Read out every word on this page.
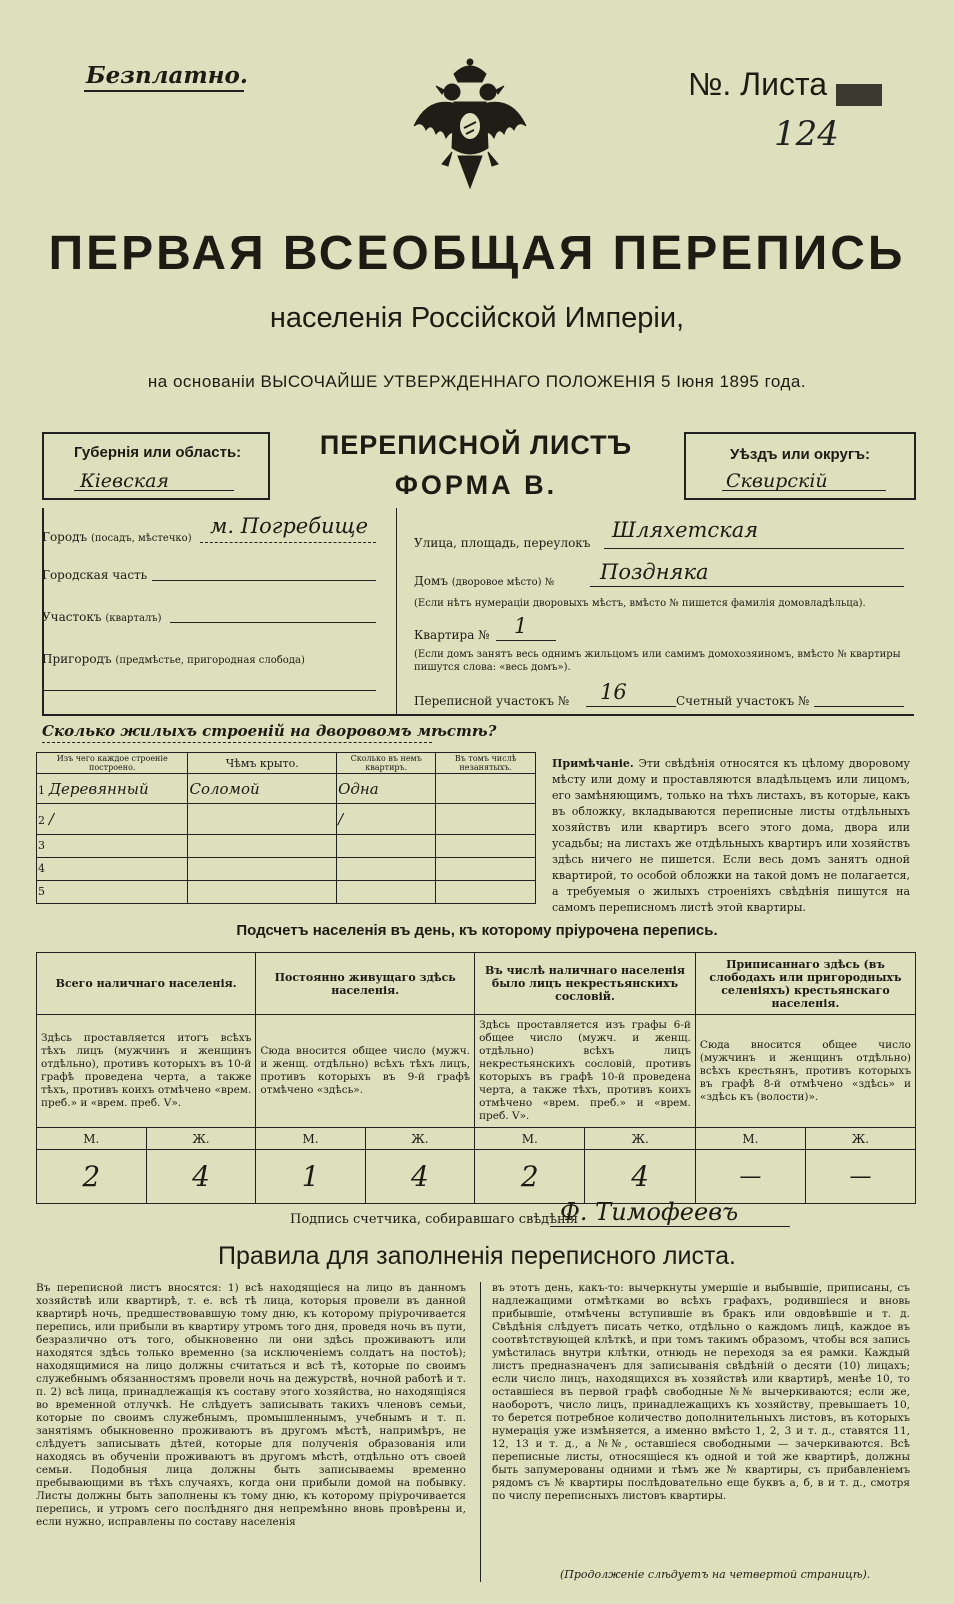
Безплатно.	№. Листа
124
ПЕРВАЯ ВСЕОБЩАЯ ПЕРЕПИСЬ
населенія Россійской Имперіи,
на основаніи ВЫСОЧАЙШЕ УТВЕРЖДЕННАГО ПОЛОЖЕНІЯ 5 Іюня 1895 года.
Губернія или область:
Кіевская
ПЕРЕПИСНОЙ ЛИСТЪ
ФОРМА В.
Уѣздъ или округъ:
Сквирскій
Городъ (посадъ, мѣстечко)
м. Погребище
Городская часть
Участокъ (кварталъ)
Пригородъ (предмѣстье, пригородная слобода)
Улица, площадь, переулокъ
Шляхетская
Домъ (дворовое мѣсто) № Поздняка
(Если нѣтъ нумераціи дворовыхъ мѣстъ, вмѣсто № пишется фамилія домовладѣльца).
Квартира № 1
(Если домъ занятъ весь однимъ жильцомъ или самимъ домохозяиномъ, вмѣсто № квартиры пишутся слова: «весь домъ»).
Переписной участокъ № 16	Счетный участокъ №
Сколько жилыхъ строеній на дворовомъ мѣстѣ?
Изъ чего каждое строеніе построено.	Чѣмъ крыто.	Сколько въ немъ квартиръ.	Въ томъ числѣ незанятыхъ.
1 Деревянный	Соломой	Одна	
2 /		/	
3			
4			
5			
Примѣчаніе. Эти свѣдѣнія относятся къ цѣлому дворовому мѣсту или дому и проставляются владѣльцемъ или лицомъ, его замѣняющимъ, только на тѣхъ листахъ, въ которые, какъ въ обложку, вкладываются переписные листы отдѣльныхъ хозяйствъ или квартиръ всего этого дома, двора или усадьбы; на листахъ же отдѣльныхъ квартиръ или хозяйствъ здѣсь ничего не пишется. Если весь домъ занятъ одной квартирой, то особой обложки на такой домъ не полагается, а требуемыя о жилыхъ строеніяхъ свѣдѣнія пишутся на самомъ переписномъ листѣ этой квартиры.
Подсчетъ населенія въ день, къ которому пріурочена перепись.
Всего наличнаго населенія.		Постоянно живущаго здѣсь населенія.		Въ числѣ наличнаго населенія было лицъ некрестьянскихъ сословій.		Приписаннаго здѣсь (въ слободахъ или пригородныхъ селеніяхъ) крестьянскаго населенія.	
Здѣсь проставляется итогъ всѣхъ тѣхъ лицъ (мужчинъ и женщинъ отдѣльно), противъ которыхъ въ 10-й графѣ проведена черта, а также тѣхъ, противъ коихъ отмѣчено «врем. преб.» и «врем. преб. V».		Сюда вносится общее число (мужч. и женщ. отдѣльно) всѣхъ тѣхъ лицъ, противъ которыхъ въ 9-й графѣ отмѣчено «здѣсь».		Здѣсь проставляется изъ графы 6-й общее число (мужч. и женщ. отдѣльно) всѣхъ лицъ некрестьянскихъ сословій, противъ которыхъ въ графѣ 10-й проведена черта, а также тѣхъ, противъ коихъ отмѣчено «врем. преб.» и «врем. преб. V».		Сюда вносится общее число (мужчинъ и женщинъ отдѣльно) всѣхъ крестьянъ, противъ которыхъ въ графѣ 8-й отмѣчено «здѣсь» и «здѣсь къ (волости)».	
М.	Ж.	М.	Ж.	М.	Ж.	М.	Ж.
2	4	1	4	2	4	—	—
Подпись счетчика, собиравшаго свѣдѣнія
Ф. Тимофеевъ
Правила для заполненія переписного листа.
Въ переписной листъ вносятся: 1) всѣ находящіеся на лицо въ данномъ хозяйствѣ или квартирѣ, т. е. всѣ тѣ лица, которыя провели въ данной квартирѣ ночь, предшествовавшую тому дню, къ которому пріурочивается перепись, или прибыли въ квартиру утромъ того дня, проведя ночь въ пути, безразлично отъ того, обыкновенно ли они здѣсь проживаютъ или находятся здѣсь только временно (за исключеніемъ солдатъ на постоѣ); находящимися на лицо должны считаться и всѣ тѣ, которые по своимъ служебнымъ обязанностямъ провели ночь на дежурствѣ, ночной работѣ и т. п. 2) всѣ лица, принадлежащія къ составу этого хозяйства, но находящіяся во временной отлучкѣ. Не слѣдуетъ записывать такихъ членовъ семьи, которые по своимъ служебнымъ, промышленнымъ, учебнымъ и т. п. занятіямъ обыкновенно проживаютъ въ другомъ мѣстѣ, напримѣръ, не слѣдуетъ записывать дѣтей, которые для полученія образованія или находясь въ обученіи проживаютъ въ другомъ мѣстѣ, отдѣльно отъ своей семьи. Подобныя лица должны быть записываемы временно пребывающими въ тѣхъ случаяхъ, когда они прибыли домой на побывку. Листы должны быть заполнены къ тому дню, къ которому пріурочивается перепись, и утромъ сего послѣдняго дня непремѣнно вновь провѣрены и, если нужно, исправлены по составу населенія
въ этотъ день, какъ-то: вычеркнуты умершіе и выбывшіе, приписаны, съ надлежащими отмѣтками во всѣхъ графахъ, родившіеся и вновь прибывшіе, отмѣчены вступившіе въ бракъ или овдовѣвшіе и т. д. Свѣдѣнія слѣдуетъ писать четко, отдѣльно о каждомъ лицѣ, каждое въ соотвѣтствующей клѣткѣ, и при томъ такимъ образомъ, чтобы вся запись умѣстилась внутри клѣтки, отнюдь не переходя за ея рамки. Каждый листъ предназначенъ для записыванія свѣдѣній о десяти (10) лицахъ; если число лицъ, находящихся въ хозяйствѣ или квартирѣ, менѣе 10, то оставшіеся въ первой графѣ свободные №№ вычеркиваются; если же, наоборотъ, число лицъ, принадлежащихъ къ хозяйству, превышаетъ 10, то берется потребное количество дополнительныхъ листовъ, въ которыхъ нумерація уже измѣняется, а именно вмѣсто 1, 2, 3 и т. д., ставятся 11, 12, 13 и т. д., а №№, оставшіеся свободными — зачеркиваются. Всѣ переписные листы, относящіеся къ одной и той же квартирѣ, должны быть запумерованы одними и тѣмъ же № квартиры, съ прибавленіемъ рядомъ съ № квартиры послѣдовательно еще буквъ а, б, в и т. д., смотря по числу переписныхъ листовъ квартиры.
(Продолженіе слѣдуетъ на четвертой страницѣ).
